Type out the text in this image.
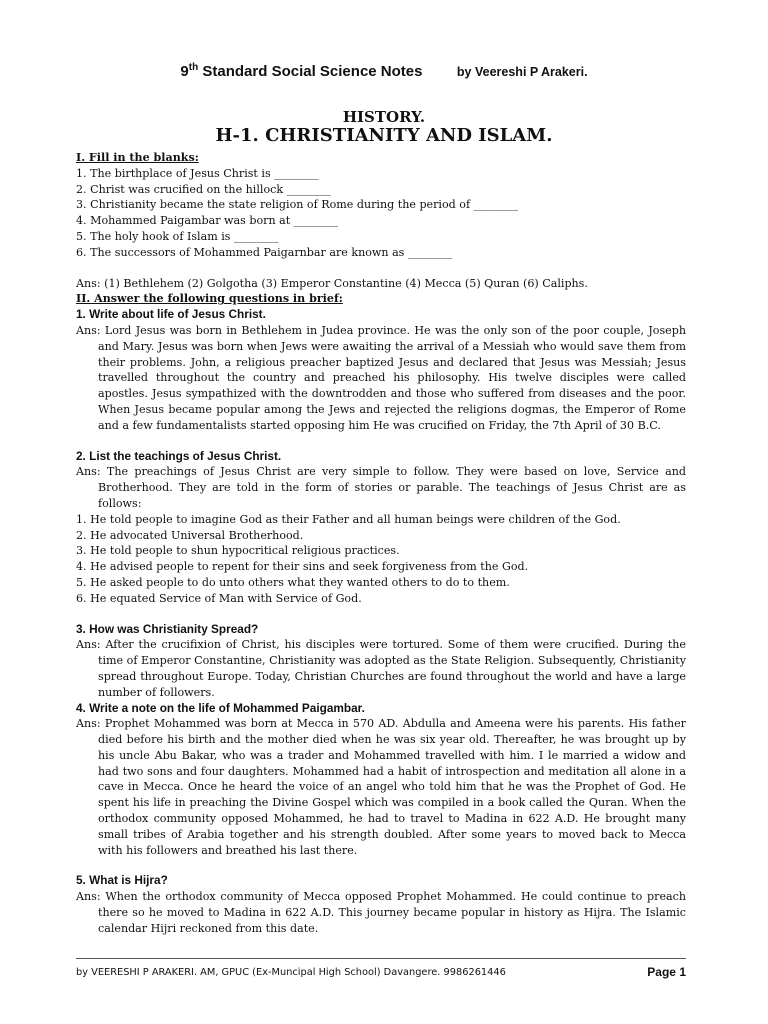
9th Standard Social Science Notes	by Veereshi P Arakeri.
HISTORY.
H-1. CHRISTIANITY AND ISLAM.

I. Fill in the blanks:

1. The birthplace of Jesus Christ is ________

2. Christ was crucified on the hillock ________

3. Christianity became the state religion of Rome during the period of ________

4. Mohammed Paigambar was born at ________

5. The holy hook of Islam is ________

6. The successors of Mohammed Paigarnbar are known as ________

Ans: (1) Bethlehem (2) Golgotha (3) Emperor Constantine (4) Mecca (5) Quran (6) Caliphs.

II. Answer the following questions in brief:

1. Write about life of Jesus Christ.

Ans: Lord Jesus was born in Bethlehem in Judea province. He was the only son of the poor couple, Joseph and Mary. Jesus was born when Jews were awaiting the arrival of a Messiah who would save them from their problems. John, a religious preacher baptized Jesus and declared that Jesus was Messiah; Jesus travelled throughout the country and preached his philosophy. His twelve disciples were called apostles. Jesus sympathized with the downtrodden and those who suffered from diseases and the poor. When Jesus became popular among the Jews and rejected the religions dogmas, the Emperor of Rome and a few fundamentalists started opposing him He was crucified on Friday, the 7th April of 30 B.C.

2. List the teachings of Jesus Christ.

Ans: The preachings of Jesus Christ are very simple to follow. They were based on love, Service and Brotherhood. They are told in the form of stories or parable. The teachings of Jesus Christ are as follows:

1. He told people to imagine God as their Father and all human beings were children of the God.
2. He advocated Universal Brotherhood.
3. He told people to shun hypocritical religious practices.
4. He advised people to repent for their sins and seek forgiveness from the God.
5. He asked people to do unto others what they wanted others to do to them.
6. He equated Service of Man with Service of God.

3. How was Christianity Spread?

Ans: After the crucifixion of Christ, his disciples were tortured. Some of them were crucified. During the time of Emperor Constantine, Christianity was adopted as the State Religion. Subsequently, Christianity spread throughout Europe. Today, Christian Churches are found throughout the world and have a large number of followers.

4. Write a note on the life of Mohammed Paigambar.

Ans: Prophet Mohammed was born at Mecca in 570 AD. Abdulla and Ameena were his parents. His father died before his birth and the mother died when he was six year old. Thereafter, he was brought up by his uncle Abu Bakar, who was a trader and Mohammed travelled with him. I le married a widow and had two sons and four daughters. Mohammed had a habit of introspection and meditation all alone in a cave in Mecca. Once he heard the voice of an angel who told him that he was the Prophet of God. He spent his life in preaching the Divine Gospel which was compiled in a book called the Quran. When the orthodox community opposed Mohammed, he had to travel to Madina in 622 A.D. He brought many small tribes of Arabia together and his strength doubled. After some years to moved back to Mecca with his followers and breathed his last there.

5. What is Hijra?

Ans: When the orthodox community of Mecca opposed Prophet Mohammed. He could continue to preach there so he moved to Madina in 622 A.D. This journey became popular in history as Hijra. The Islamic calendar Hijri reckoned from this date.

by VEERESHI P ARAKERI. AM, GPUC (Ex-Muncipal High School) Davangere. 9986261446	Page 1
